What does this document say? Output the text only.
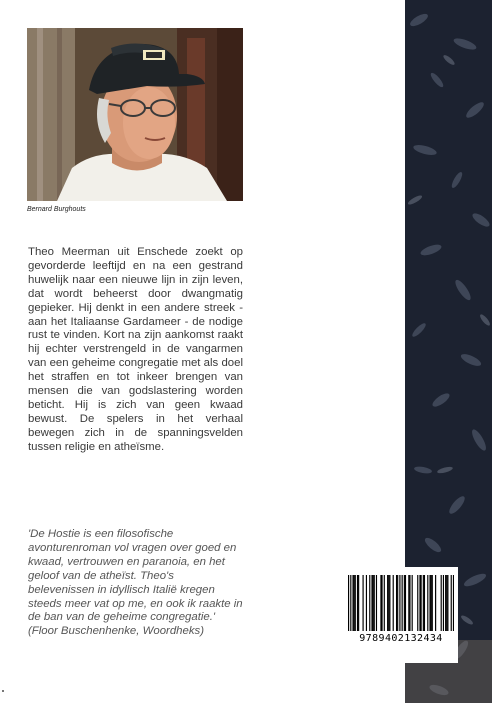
Bernard Burghouts

Theo Meerman uit Enschede zoekt op gevorderde leeftijd en na een gestrand huwelijk naar een nieuwe lijn in zijn leven, dat wordt beheerst door dwangmatig gepieker. Hij denkt in een andere streek - aan het Italiaanse Gardameer - de nodige rust te vinden. Kort na zijn aankomst raakt hij echter verstrengeld in de vangarmen van een geheime congregatie met als doel het straffen en tot inkeer brengen van mensen die van godslastering worden beticht. Hij is zich van geen kwaad bewust. De spelers in het verhaal bewegen zich in de spanningsvelden tussen religie en atheïsme.

'De Hostie is een filosofische avonturenroman vol vragen over goed en kwaad, vertrouwen en paranoia, en het geloof van de atheïst. Theo's belevenissen in idyllisch Italië kregen steeds meer vat op me, en ook ik raakte in de ban van de geheime congregatie.'
(Floor Buschenhenke, Woordheks)

9789402132434
